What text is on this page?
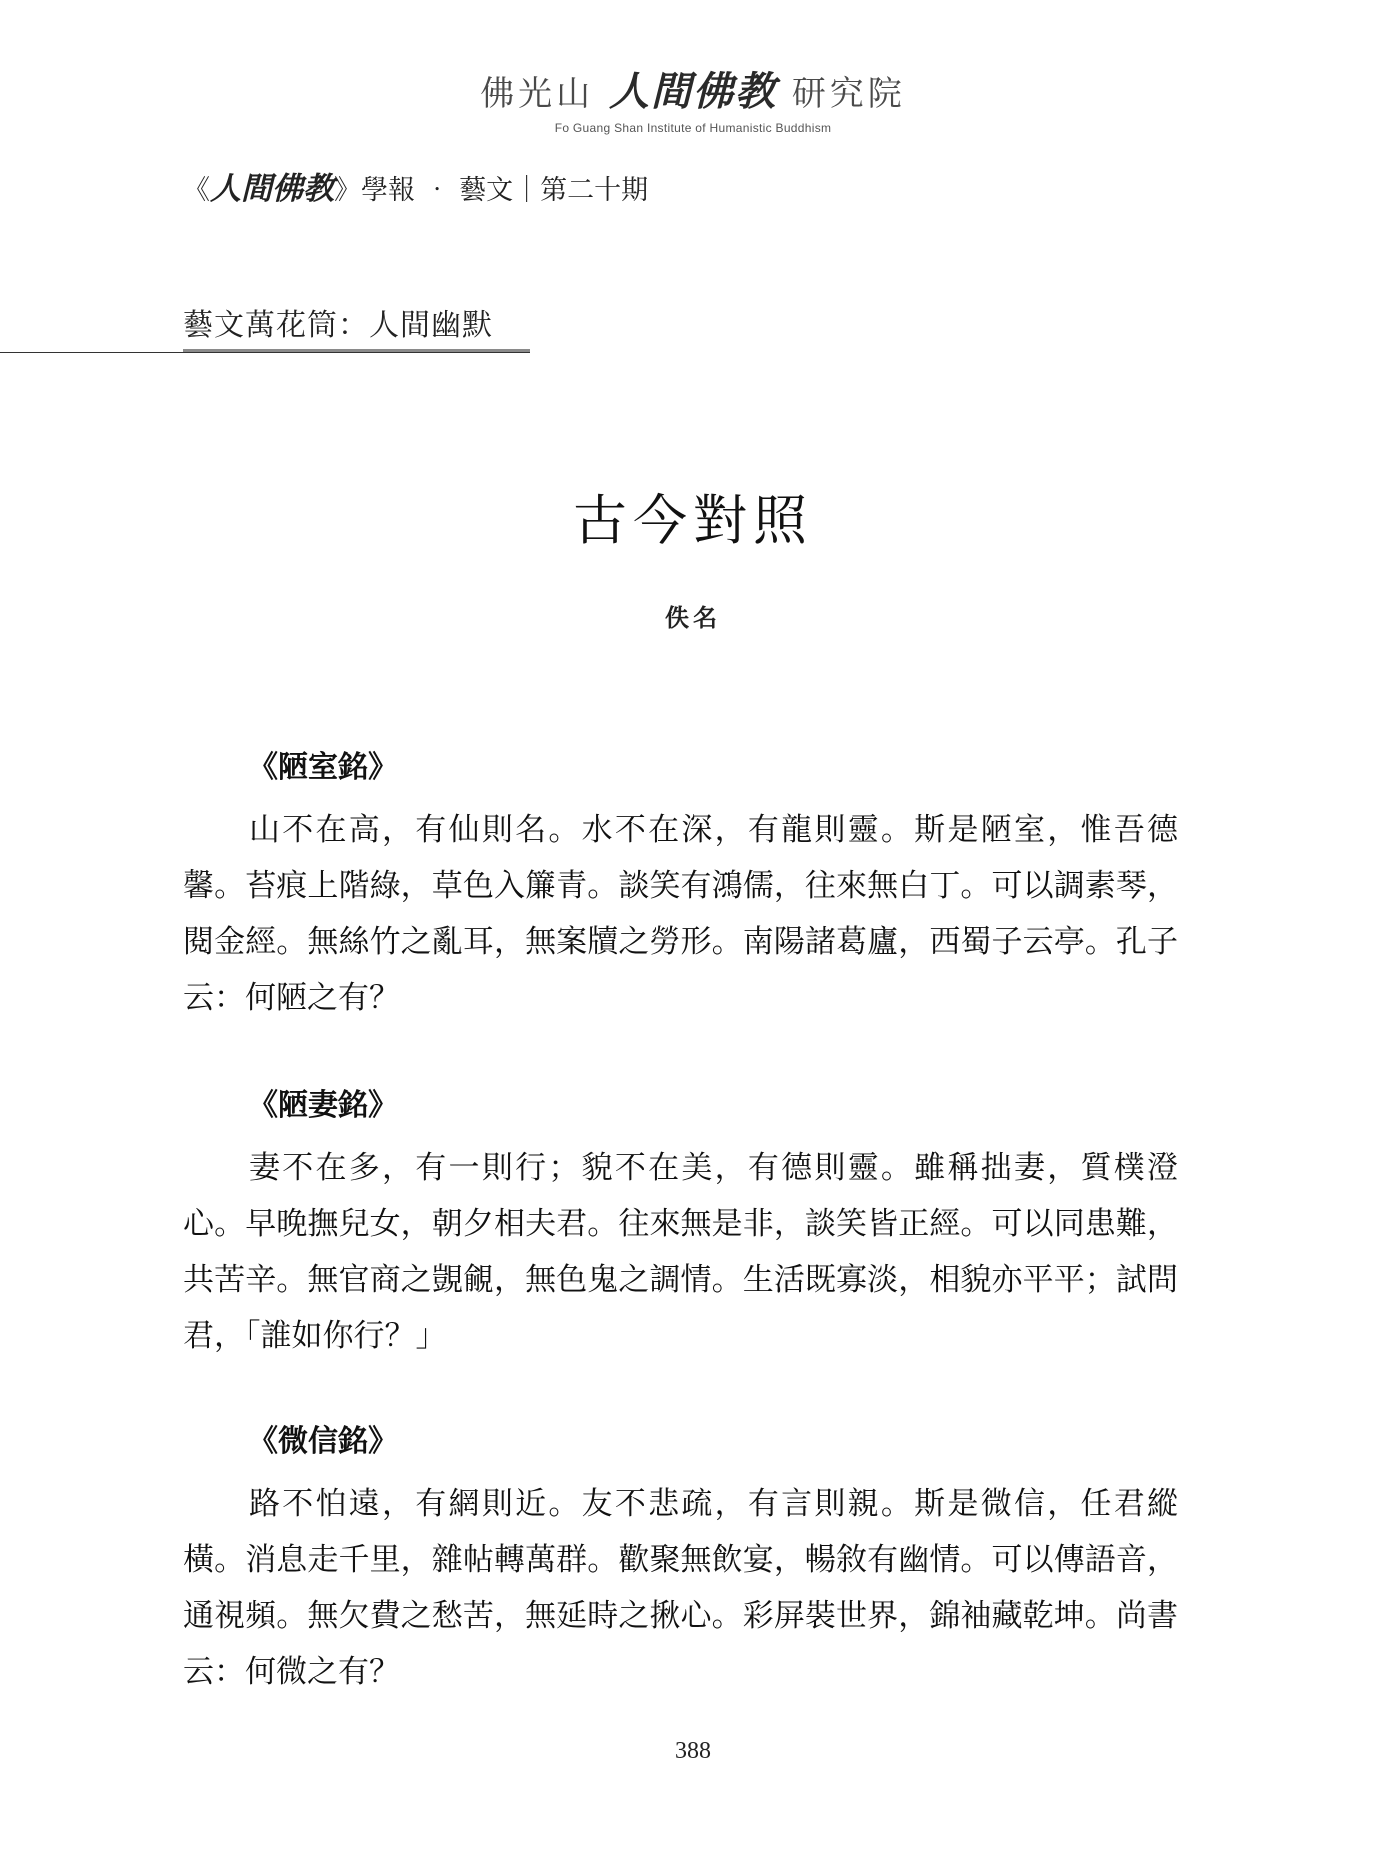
佛光山 人間佛教 研究院
Fo Guang Shan Institute of Humanistic Buddhism
《人間佛教》學報 ‧ 藝文｜第二十期
藝文萬花筒：人間幽默
古今對照
佚名
《陋室銘》

山不在高，有仙則名。水不在深，有龍則靈。斯是陋室，惟吾德馨。苔痕上階綠，草色入簾青。談笑有鴻儒，往來無白丁。可以調素琴，閱金經。無絲竹之亂耳，無案牘之勞形。南陽諸葛廬，西蜀子云亭。孔子云：何陋之有？

《陋妻銘》

妻不在多，有一則行；貌不在美，有德則靈。雖稱拙妻，質樸澄心。早晚撫兒女，朝夕相夫君。往來無是非，談笑皆正經。可以同患難，共苦辛。無官商之覬覦，無色鬼之調情。生活既寡淡，相貌亦平平；試問君，「誰如你行？」

《微信銘》

路不怕遠，有網則近。友不悲疏，有言則親。斯是微信，任君縱橫。消息走千里，雜帖轉萬群。歡聚無飲宴，暢敘有幽情。可以傳語音，通視頻。無欠費之愁苦，無延時之揪心。彩屏裝世界，錦袖藏乾坤。尚書云：何微之有？

388
